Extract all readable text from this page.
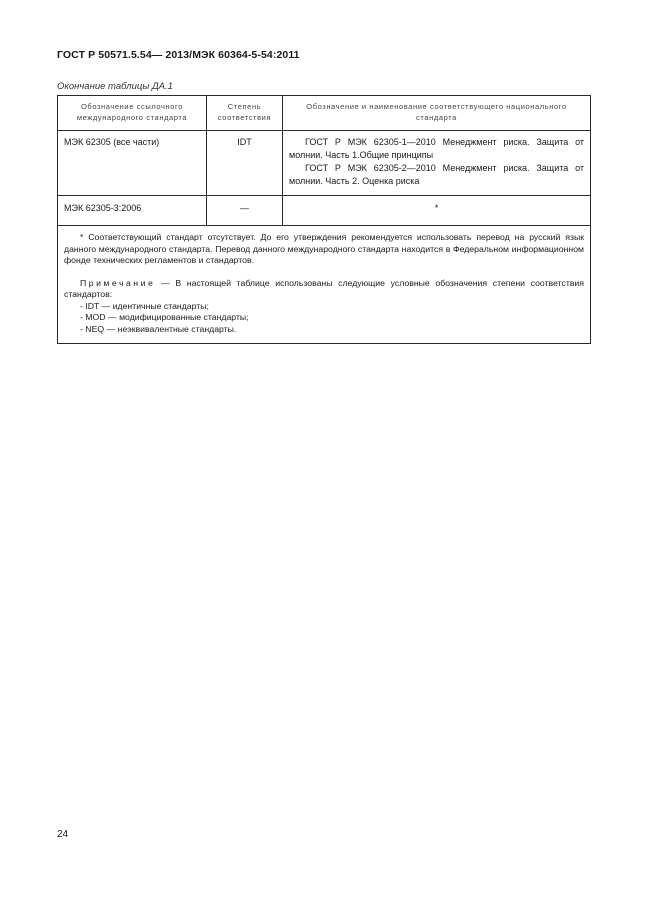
ГОСТ Р 50571.5.54— 2013/МЭК 60364-5-54:2011
Окончание таблицы ДА.1
Обозначение ссылочного международного стандарта	Степень соответствия	Обозначение и наименование соответствующего национального стандарта
МЭК 62305 (все части)	IDT	ГОСТ Р МЭК 62305-1—2010 Менеджмент риска. Защита от молнии. Часть 1.Общие принципы
ГОСТ Р МЭК 62305-2—2010 Менеджмент риска. Защита от молнии. Часть 2. Оценка риска

МЭК 62305-3:2006	—	*

* Соответствующий стандарт отсутствует. До его утверждения рекомендуется использовать перевод на русский язык данного международного стандарта. Перевод данного международного стандарта находится в Федеральном информационном фонде технических регламентов и стандартов.

Примечание — В настоящей таблице использованы следующие условные обозначения степени соответствия стандартов:

- IDT — идентичные стандарты;

- MOD — модифицированные стандарты;

- NEQ — неэквивалентные стандарты.		

24
